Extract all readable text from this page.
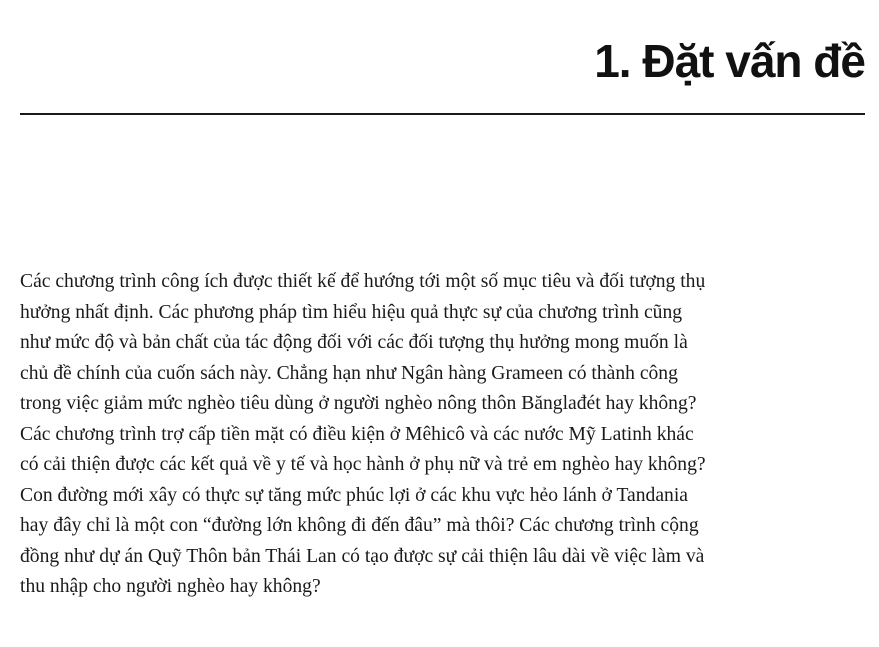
1. Đặt vấn đề

Các chương trình công ích được thiết kế để hướng tới một số mục tiêu và đối tượng thụ
hưởng nhất định. Các phương pháp tìm hiểu hiệu quả thực sự của chương trình cũng
như mức độ và bản chất của tác động đối với các đối tượng thụ hưởng mong muốn là
chủ đề chính của cuốn sách này. Chẳng hạn như Ngân hàng Grameen có thành công
trong việc giảm mức nghèo tiêu dùng ở người nghèo nông thôn Bănglađét hay không?
Các chương trình trợ cấp tiền mặt có điều kiện ở Mêhicô và các nước Mỹ Latinh khác
có cải thiện được các kết quả về y tế và học hành ở phụ nữ và trẻ em nghèo hay không?
Con đường mới xây có thực sự tăng mức phúc lợi ở các khu vực hẻo lánh ở Tandania
hay đây chỉ là một con “đường lớn không đi đến đâu” mà thôi? Các chương trình cộng
đồng như dự án Quỹ Thôn bản Thái Lan có tạo được sự cải thiện lâu dài về việc làm và
thu nhập cho người nghèo hay không?
